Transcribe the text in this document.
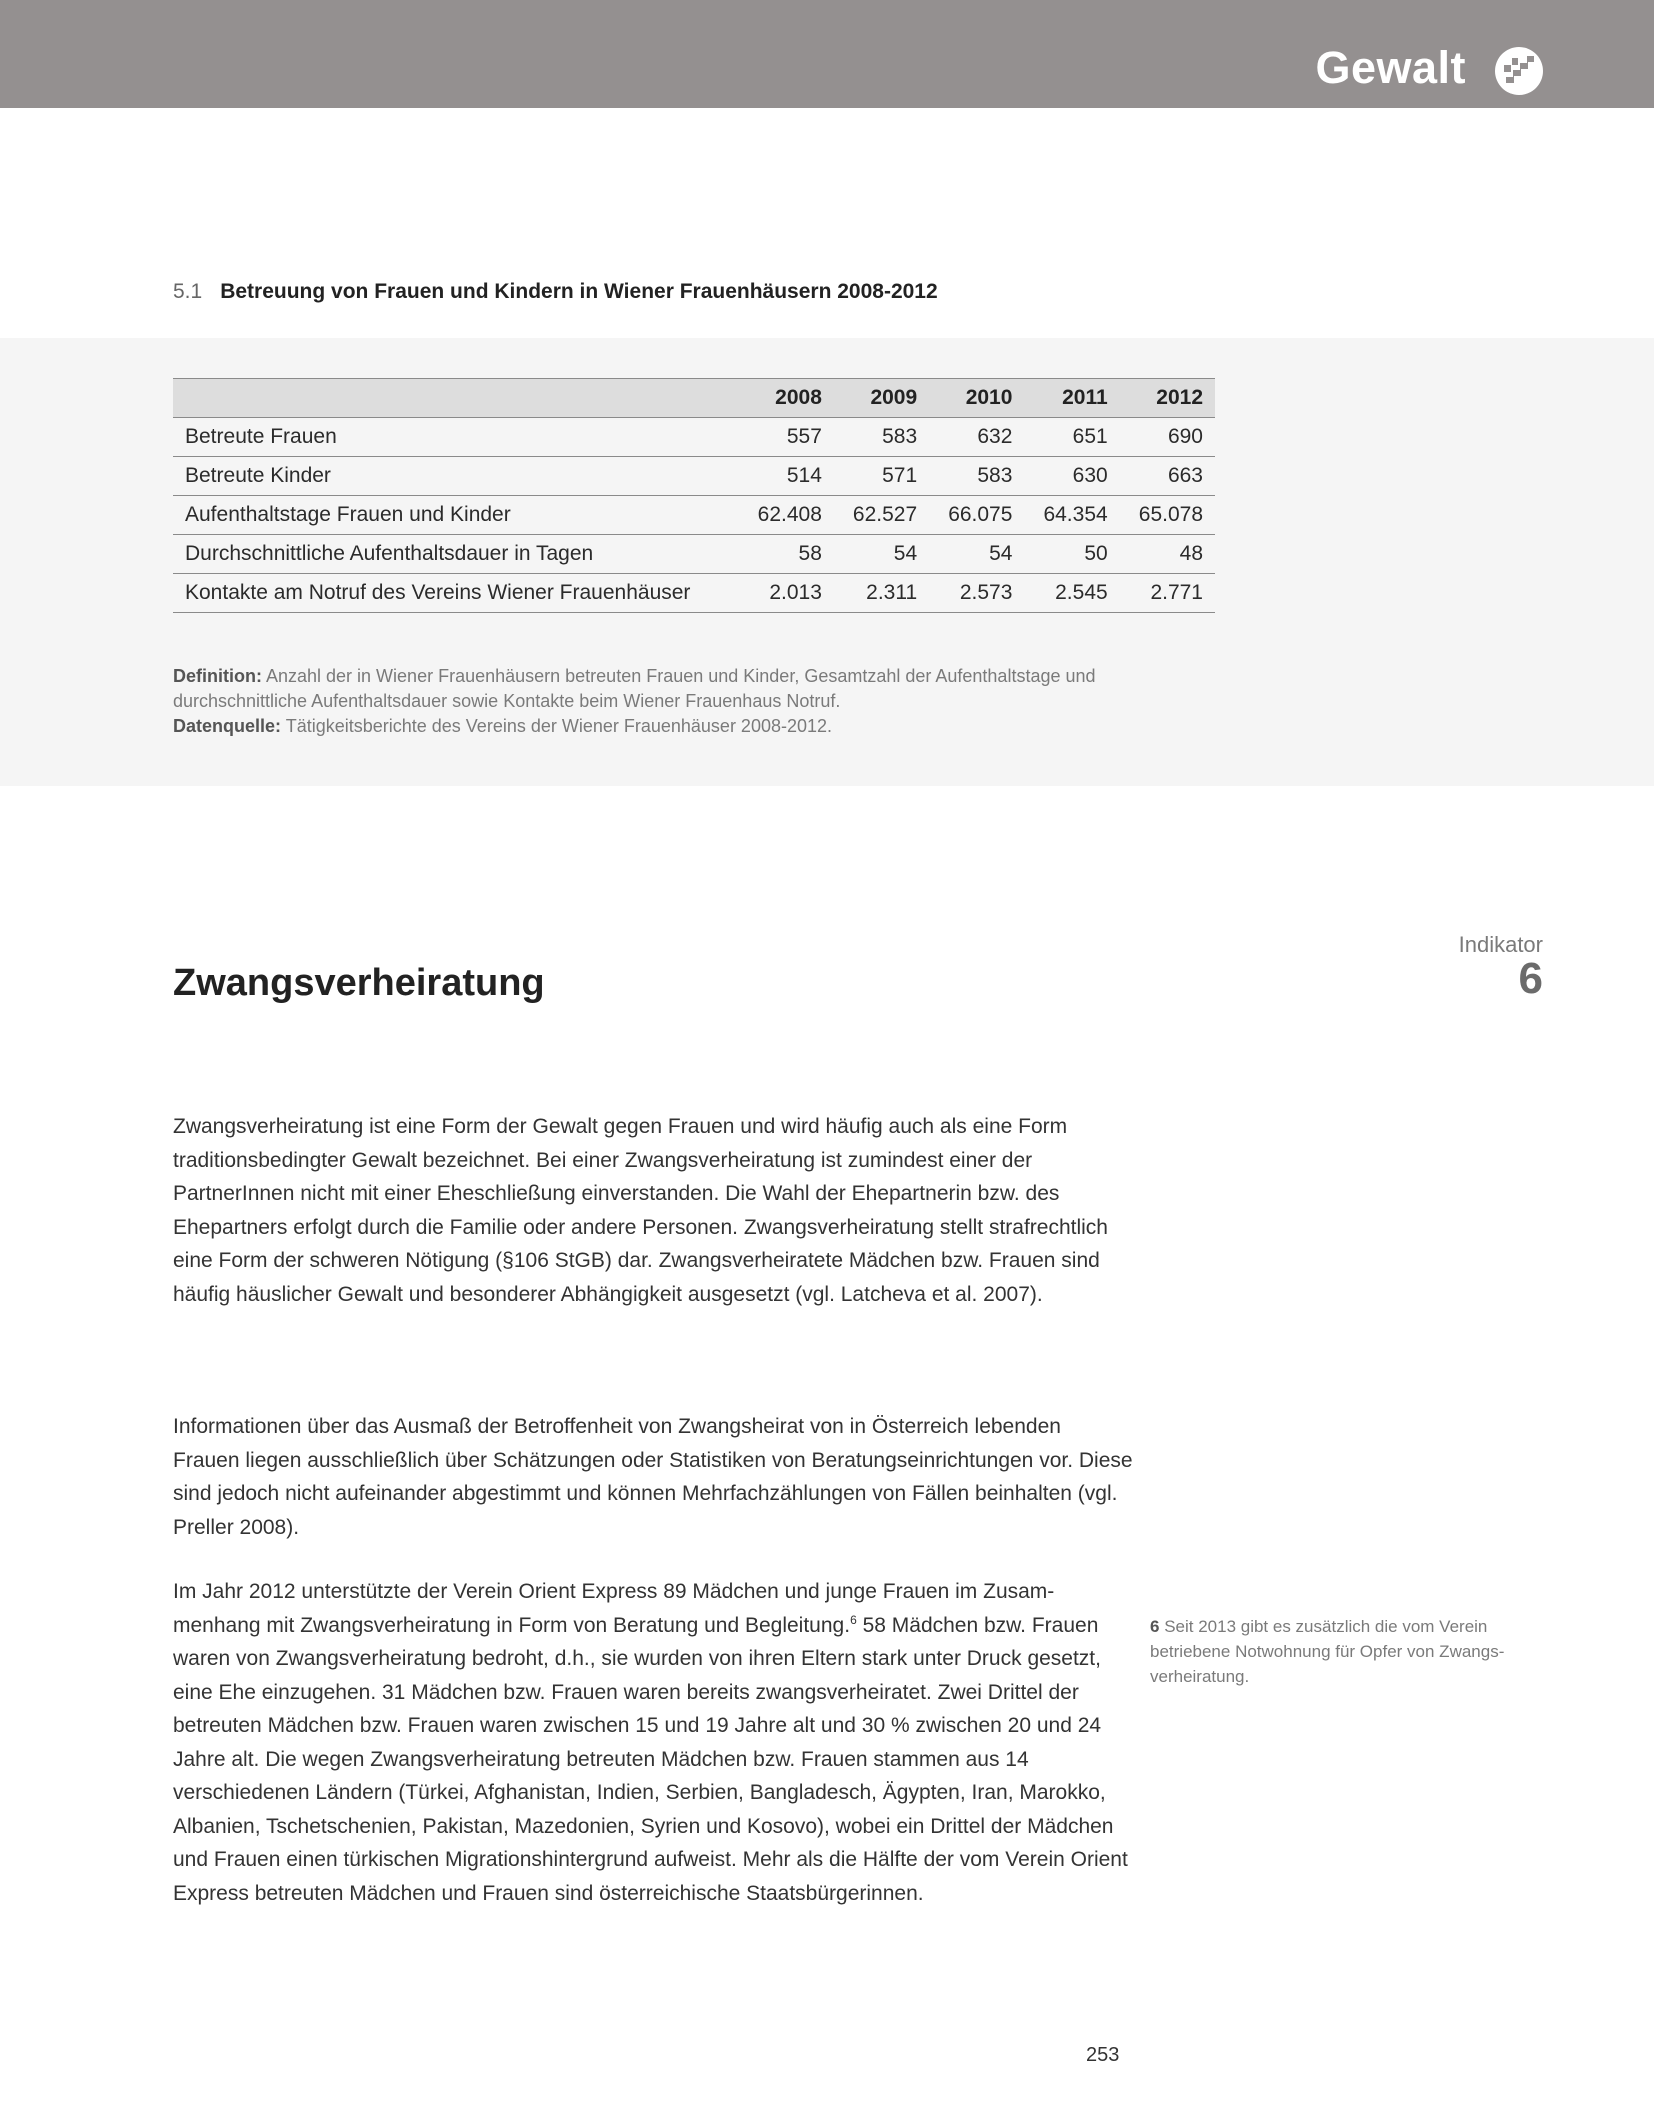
Gewalt
5.1 Betreuung von Frauen und Kindern in Wiener Frauenhäusern 2008-2012
	2008	2009	2010	2011	2012
Betreute Frauen	557	583	632	651	690
Betreute Kinder	514	571	583	630	663
Aufenthaltstage Frauen und Kinder	62.408	62.527	66.075	64.354	65.078
Durchschnittliche Aufenthaltsdauer in Tagen	58	54	54	50	48
Kontakte am Notruf des Vereins Wiener Frauenhäuser	2.013	2.311	2.573	2.545	2.771
Definition: Anzahl der in Wiener Frauenhäusern betreuten Frauen und Kinder, Gesamtzahl der Aufenthaltstage und durchschnittliche Aufenthaltsdauer sowie Kontakte beim Wiener Frauenhaus Notruf.
Datenquelle: Tätigkeitsberichte des Vereins der Wiener Frauenhäuser 2008-2012.
Indikator
6
Zwangsverheiratung

Zwangsverheiratung ist eine Form der Gewalt gegen Frauen und wird häufig auch als eine Form traditionsbedingter Gewalt bezeichnet. Bei einer Zwangsverheiratung ist zumindest einer der PartnerInnen nicht mit einer Eheschließung einverstanden. Die Wahl der Ehepartnerin bzw. des Ehepartners erfolgt durch die Familie oder andere Personen. Zwangsverheiratung stellt strafrechtlich eine Form der schweren Nötigung (§106 StGB) dar. Zwangsverheiratete Mädchen bzw. Frauen sind häufig häuslicher Gewalt und besonderer Abhängigkeit ausgesetzt (vgl. Latcheva et al. 2007).

Informationen über das Ausmaß der Betroffenheit von Zwangsheirat von in Österreich lebenden Frauen liegen ausschließlich über Schätzungen oder Statistiken von Beratungseinrichtungen vor. Diese sind jedoch nicht aufeinander abgestimmt und können Mehrfachzählungen von Fällen beinhalten (vgl. Preller 2008).

Im Jahr 2012 unterstützte der Verein Orient Express 89 Mädchen und junge Frauen im Zusammenhang mit Zwangsverheiratung in Form von Beratung und Begleitung.$^6$ 58 Mädchen bzw. Frauen waren von Zwangsverheiratung bedroht, d.h., sie wurden von ihren Eltern stark unter Druck gesetzt, eine Ehe einzugehen. 31 Mädchen bzw. Frauen waren bereits zwangsverheiratet. Zwei Drittel der betreuten Mädchen bzw. Frauen waren zwischen 15 und 19 Jahre alt und 30 % zwischen 20 und 24 Jahre alt. Die wegen Zwangsverheiratung betreuten Mädchen bzw. Frauen stammen aus 14 verschiedenen Ländern (Türkei, Afghanistan, Indien, Serbien, Bangladesch, Ägypten, Iran, Marokko, Albanien, Tschetschenien, Pakistan, Mazedonien, Syrien und Kosovo), wobei ein Drittel der Mädchen und Frauen einen türkischen Migrationshintergrund aufweist. Mehr als die Hälfte der vom Verein Orient Express betreuten Mädchen und Frauen sind österreichische Staatsbürgerinnen.

6 Seit 2013 gibt es zusätzlich die vom Verein betriebene Notwohnung für Opfer von Zwangsverheiratung.

253
